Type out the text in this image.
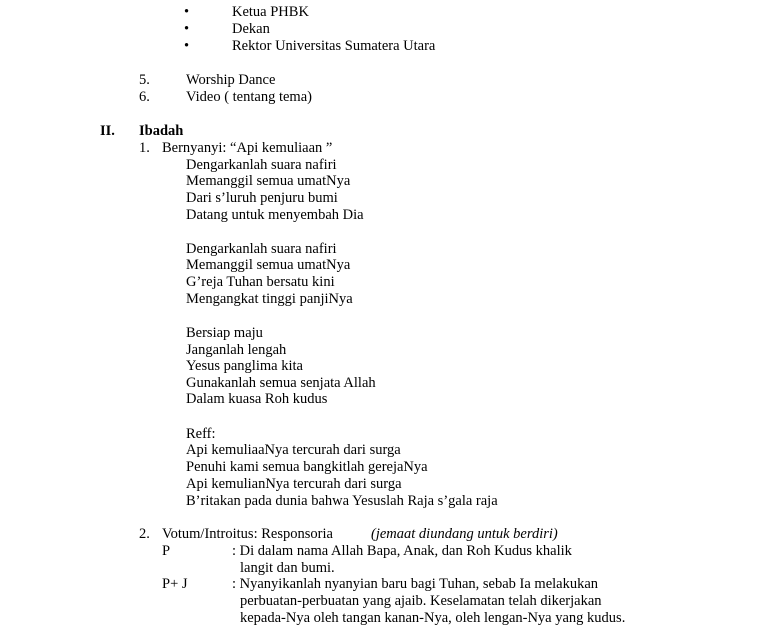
•	Ketua PHBK
•	Dekan
•	Rektor Universitas Sumatera Utara
5. Worship Dance
6. Video ( tentang tema)
II. Ibadah
1. Bernyanyi: “Api kemuliaan ”
Dengarkanlah suara nafiri
Memanggil semua umatNya
Dari s’luruh penjuru bumi
Datang untuk menyembah Dia
Dengarkanlah suara nafiri
Memanggil semua umatNya
G’reja Tuhan bersatu kini
Mengangkat tinggi panjiNya
Bersiap maju
Janganlah lengah
Yesus panglima kita
Gunakanlah semua senjata Allah
Dalam kuasa Roh kudus
Reff:
Api kemuliaaNya tercurah dari surga
Penuhi kami semua bangkitlah gerejaNya
Api kemulianNya tercurah dari surga
B’ritakan pada dunia bahwa Yesuslah Raja s’gala raja
2. Votum/Introitus: Responsoria	(jemaat diundang untuk berdiri)
P	: Di dalam nama Allah Bapa, Anak, dan Roh Kudus khalik
langit dan bumi.
P+ J	: Nyanyikanlah nyanyian baru bagi Tuhan, sebab Ia melakukan
perbuatan-perbuatan yang ajaib. Keselamatan telah dikerjakan
kepada-Nya oleh tangan kanan-Nya, oleh lengan-Nya yang kudus.
